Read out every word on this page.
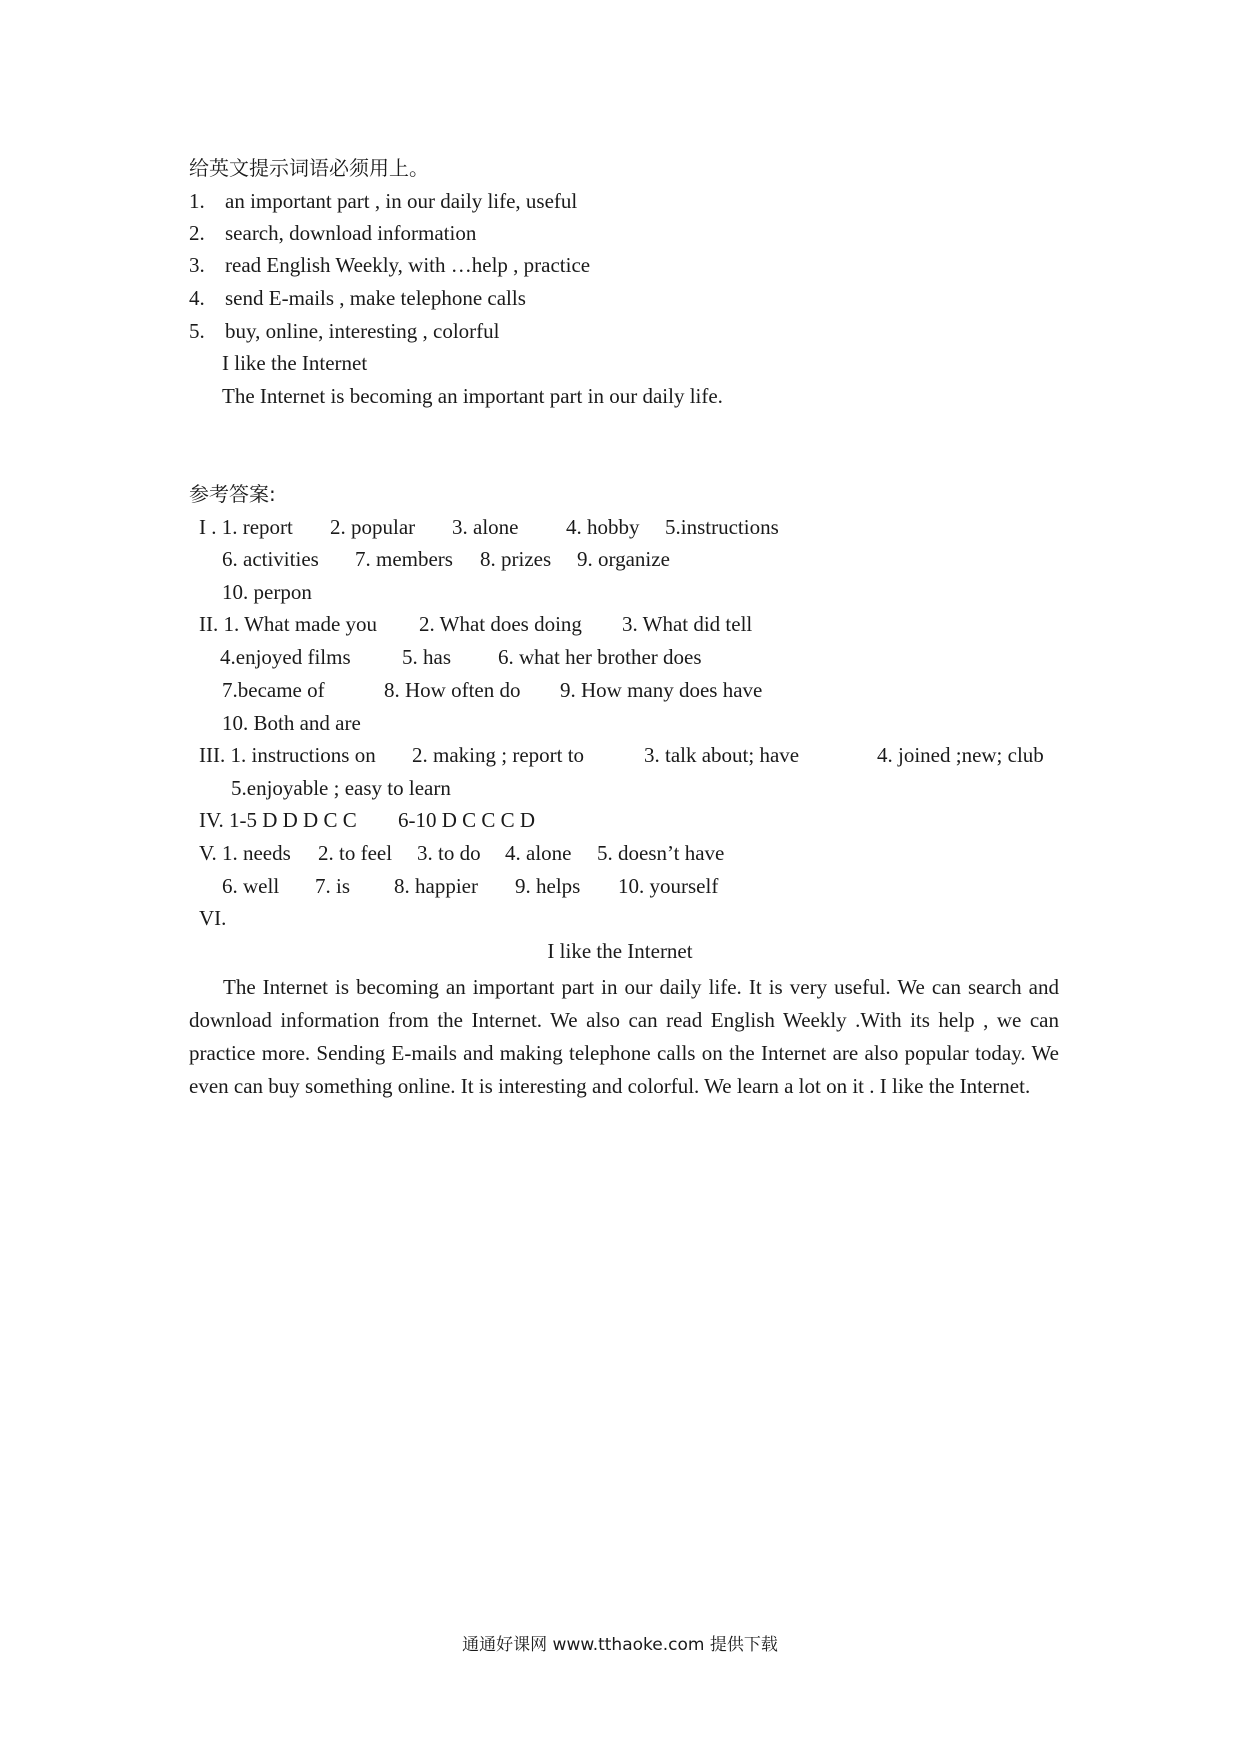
给英文提示词语必须用上。
1. an important part , in our daily life, useful
2. search, download information
3. read English Weekly, with …help , practice
4. send E-mails , make telephone calls
5. buy, online, interesting , colorful
I like the Internet
The Internet is becoming an important part in our daily life.
参考答案:
I . 1. report 2. popular 3. alone 4. hobby 5.instructions
6. activities 7. members 8. prizes 9. organize
10. perpon
II. 1. What made you 2. What does doing 3. What did tell
4.enjoyed films 5. has 6. what her brother does
7.became of	8. How often do 9. How many does have
10. Both and are
III. 1. instructions on 2. making ; report to	3. talk about; have	4. joined ;new; club
5.enjoyable ; easy to learn
IV. 1-5 D D D C C 6-10 D C C C D
V. 1. needs 2. to feel 3. to do 4. alone 5. doesn’t have
6. well 7. is 8. happier 9. helps 10. yourself
VI.
I like the Internet
The Internet is becoming an important part in our daily life. It is very useful. We can search and download information from the Internet. We also can read English Weekly .With its help , we can practice more. Sending E-mails and making telephone calls on the Internet are also popular today. We even can buy something online. It is interesting and colorful. We learn a lot on it . I like the Internet.
通通好课网 www.tthaoke.com 提供下载
